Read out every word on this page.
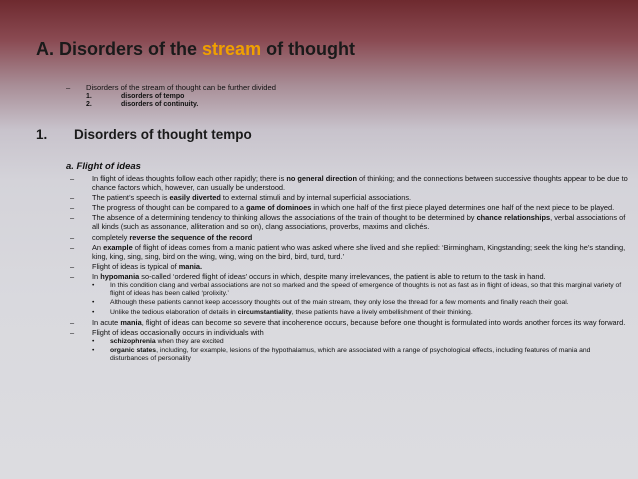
A. Disorders of the stream of thought
–	Disorders of the stream of thought can be further divided
1.	disorders of tempo
2.	disorders of continuity.
1. Disorders of thought tempo
a. Flight of ideas
–	In flight of ideas thoughts follow each other rapidly; there is no general direction of thinking; and the connections between successive thoughts appear to be due to chance factors which, however, can usually be understood.
–	The patient’s speech is easily diverted to external stimuli and by internal superficial associations.
–	The progress of thought can be compared to a game of dominoes in which one half of the first piece played determines one half of the next piece to be played.
–	The absence of a determining tendency to thinking allows the associations of the train of thought to be determined by chance relationships, verbal associations of all kinds (such as assonance, alliteration and so on), clang associations, proverbs, maxims and clichés.
–	completely reverse the sequence of the record
–	An example of flight of ideas comes from a manic patient who was asked where she lived and she replied: ‘Birmingham, Kingstanding; seek the king he’s standing, king, king, sing, sing, bird on the wing, wing, wing on the bird, bird, turd, turd.’
–	Flight of ideas is typical of mania.
–	In hypomania so-called ‘ordered flight of ideas’ occurs in which, despite many irrelevances, the patient is able to return to the task in hand.
•	In this condition clang and verbal associations are not so marked and the speed of emergence of thoughts is not as fast as in flight of ideas, so that this marginal variety of flight of ideas has been called ‘prolixity.’
•	Although these patients cannot keep accessory thoughts out of the main stream, they only lose the thread for a few moments and finally reach their goal.
•	Unlike the tedious elaboration of details in circumstantiality, these patients have a lively embellishment of their thinking.
–	In acute mania, flight of ideas can become so severe that incoherence occurs, because before one thought is formulated into words another forces its way forward.
–	Flight of ideas occasionally occurs in individuals with
•	schizophrenia when they are excited
•	organic states, including, for example, lesions of the hypothalamus, which are associated with a range of psychological effects, including features of mania and disturbances of personality
